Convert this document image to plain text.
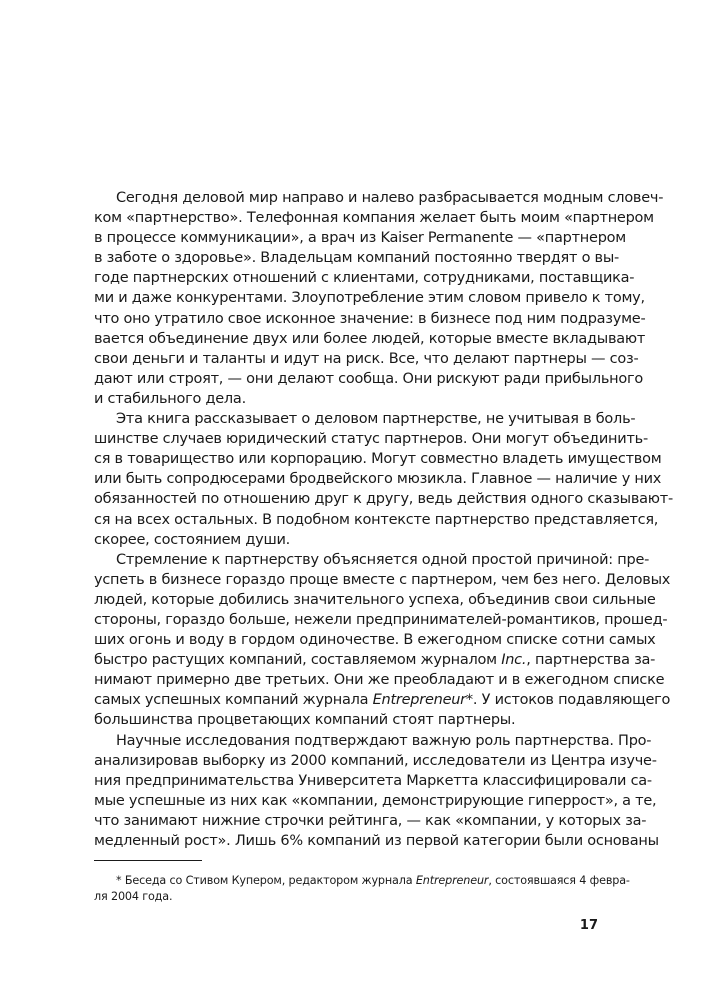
Сегодня деловой мир направо и налево разбрасывается модным словеч-
ком «партнерство». Телефонная компания желает быть моим «партнером
в процессе коммуникации», а врач из Kaiser Permanente — «партнером
в заботе о здоровье». Владельцам компаний постоянно твердят о вы-
годе партнерских отношений с клиентами, сотрудниками, поставщика-
ми и даже конкурентами. Злоупотребление этим словом привело к тому,
что оно утратило свое исконное значение: в бизнесе под ним подразуме-
вается объединение двух или более людей, которые вместе вкладывают
свои деньги и таланты и идут на риск. Все, что делают партнеры — соз-
дают или строят, — они делают сообща. Они рискуют ради прибыльного
и стабильного дела.

Эта книга рассказывает о деловом партнерстве, не учитывая в боль-
шинстве случаев юридический статус партнеров. Они могут объединить-
ся в товарищество или корпорацию. Могут совместно владеть имуществом
или быть сопродюсерами бродвейского мюзикла. Главное — наличие у них
обязанностей по отношению друг к другу, ведь действия одного сказывают-
ся на всех остальных. В подобном контексте партнерство представляется,
скорее, состоянием души.

Стремление к партнерству объясняется одной простой причиной: пре-
успеть в бизнесе гораздо проще вместе с партнером, чем без него. Деловых
людей, которые добились значительного успеха, объединив свои сильные
стороны, гораздо больше, нежели предпринимателей-романтиков, прошед-
ших огонь и воду в гордом одиночестве. В ежегодном списке сотни самых
быстро растущих компаний, составляемом журналом Inc., партнерства за-
нимают примерно две третьих. Они же преобладают и в ежегодном списке
самых успешных компаний журнала Entrepreneur*. У истоков подавляющего
большинства процветающих компаний стоят партнеры.

Научные исследования подтверждают важную роль партнерства. Про-
анализировав выборку из 2000 компаний, исследователи из Центра изуче-
ния предпринимательства Университета Маркетта классифицировали са-
мые успешные из них как «компании, демонстрирующие гиперрост», а те,
что занимают нижние строчки рейтинга, — как «компании, у которых за-
медленный рост». Лишь 6% компаний из первой категории были основаны

* Беседа со Стивом Купером, редактором журнала Entrepreneur, состоявшаяся 4 февра-
ля 2004 года.
17
